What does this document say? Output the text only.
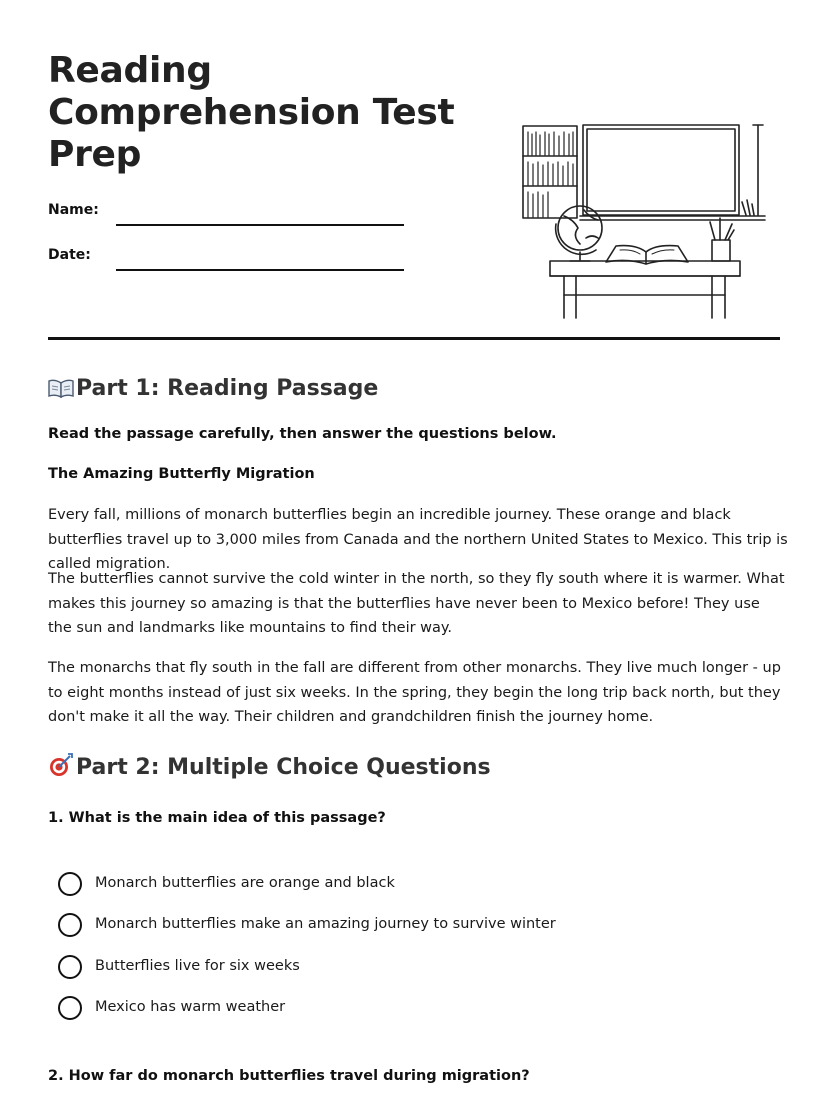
Reading
Comprehension Test
Prep
Name:
Date:
Part 1: Reading Passage

Read the passage carefully, then answer the questions below.

The Amazing Butterfly Migration

Every fall, millions of monarch butterflies begin an incredible journey. These orange and black butterflies travel up to 3,000 miles from Canada and the northern United States to Mexico. This trip is called migration.

The butterflies cannot survive the cold winter in the north, so they fly south where it is warmer. What makes this journey so amazing is that the butterflies have never been to Mexico before! They use the sun and landmarks like mountains to find their way.

The monarchs that fly south in the fall are different from other monarchs. They live much longer - up to eight months instead of just six weeks. In the spring, they begin the long trip back north, but they don't make it all the way. Their children and grandchildren finish the journey home.

Part 2: Multiple Choice Questions

1. What is the main idea of this passage?

Monarch butterflies are orange and black
Monarch butterflies make an amazing journey to survive winter
Butterflies live for six weeks
Mexico has warm weather

2. How far do monarch butterflies travel during migration?
